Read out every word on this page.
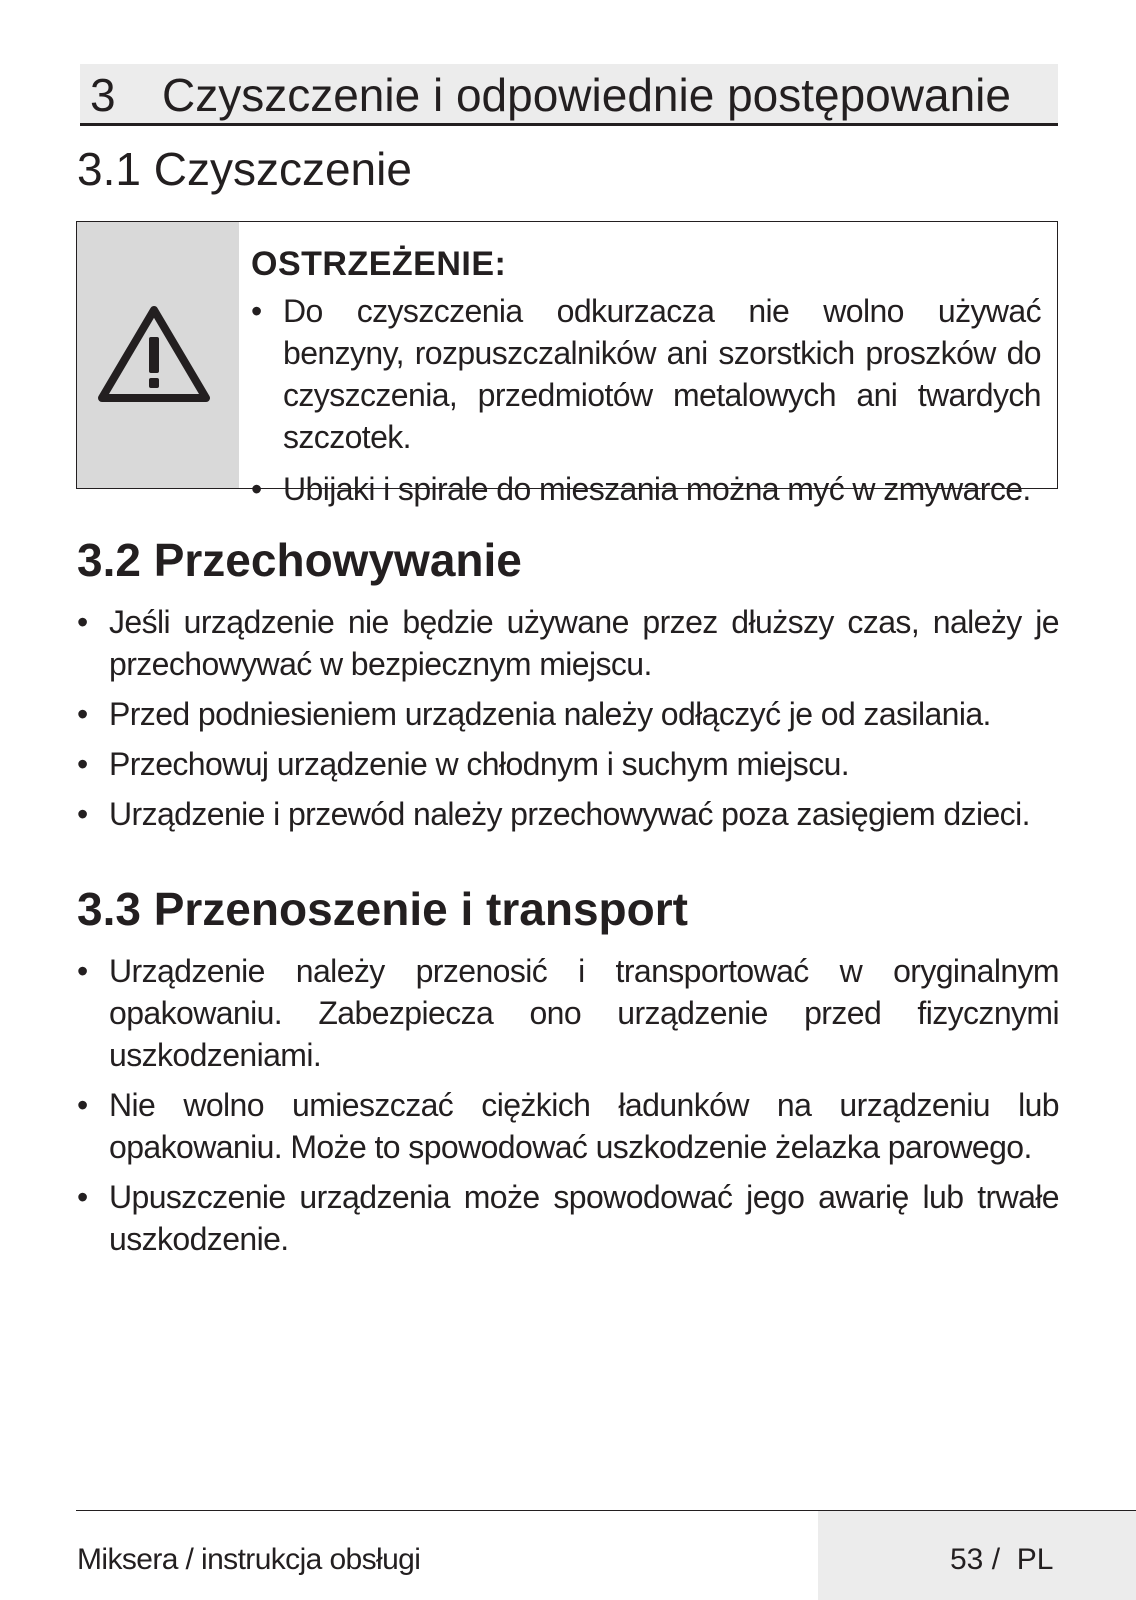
3 Czyszczenie i odpowiednie postępowanie
3.1 Czyszczenie
OSTRZEŻENIE:
• Do czyszczenia odkurzacza nie wolno używać benzyny, rozpuszczalników ani szorstkich proszków do czyszczenia, przedmiotów metalowych ani twardych szczotek.
• Ubijaki i spirale do mieszania można myć w zmywarce.
3.2 Przechowywanie
• Jeśli urządzenie nie będzie używane przez dłuższy czas, należy je przechowywać w bezpiecznym miejscu.
• Przed podniesieniem urządzenia należy odłączyć je od zasilania.
• Przechowuj urządzenie w chłodnym i suchym miejscu.
• Urządzenie i przewód należy przechowywać poza zasięgiem dzieci.
3.3 Przenoszenie i transport
• Urządzenie należy przenosić i transportować w oryginalnym opakowaniu. Zabezpiecza ono urządzenie przed fizycznymi uszkodzeniami.
• Nie wolno umieszczać ciężkich ładunków na urządzeniu lub opakowaniu. Może to spowodować uszkodzenie żelazka parowego.
• Upuszczenie urządzenia może spowodować jego awarię lub trwałe uszkodzenie.
Miksera / instrukcja obsługi	53 /  PL
